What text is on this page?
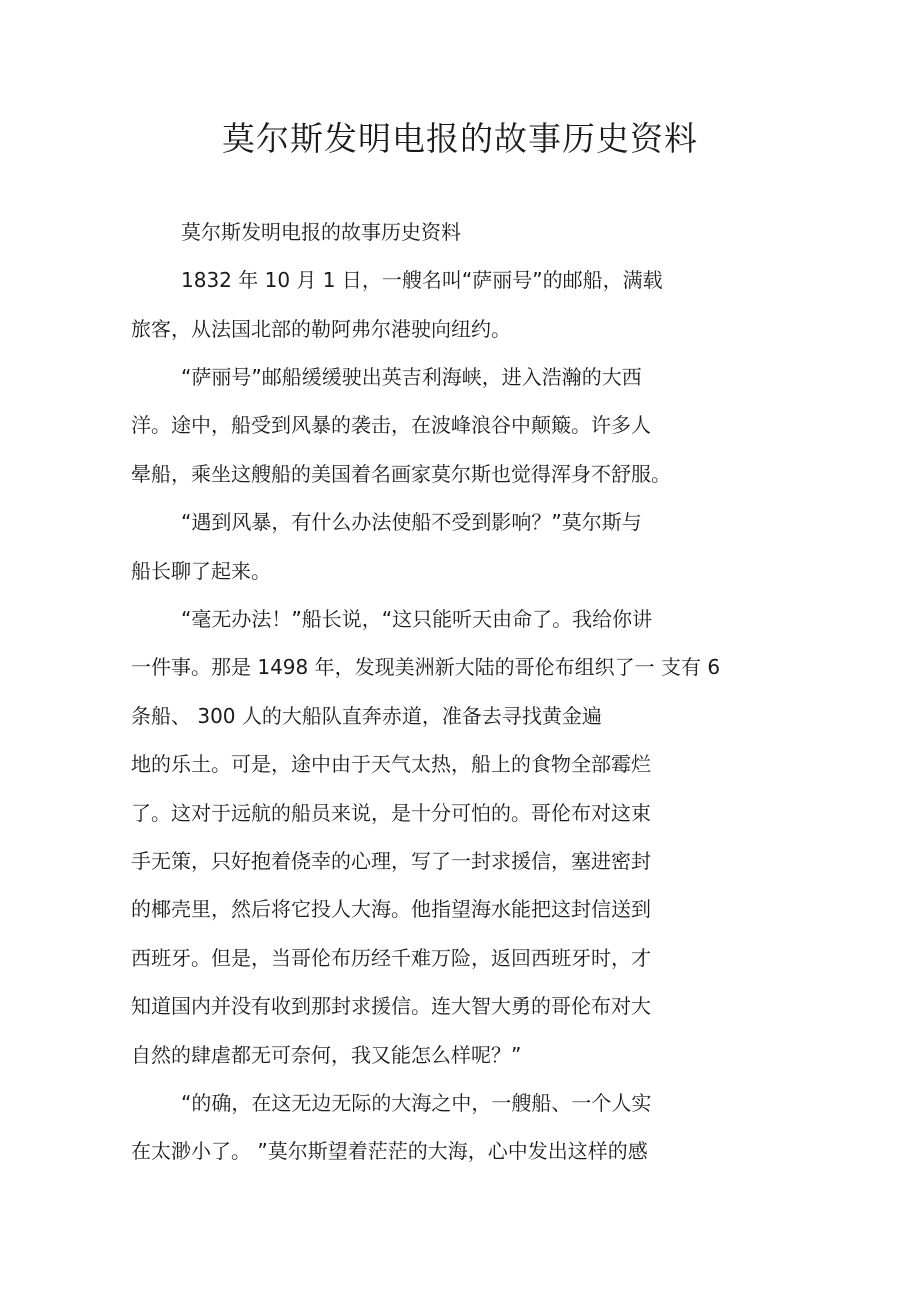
莫尔斯发明电报的故事历史资料

莫尔斯发明电报的故事历史资料

1832 年 10 月 1 日，一艘名叫“萨丽号”的邮船，满载

旅客，从法国北部的勒阿弗尔港驶向纽约。

“萨丽号”邮船缓缓驶出英吉利海峡，进入浩瀚的大西

洋。途中，船受到风暴的袭击，在波峰浪谷中颠簸。许多人

晕船，乘坐这艘船的美国着名画家莫尔斯也觉得浑身不舒服。

“遇到风暴，有什么办法使船不受到影响？”莫尔斯与

船长聊了起来。

“毫无办法！”船长说，“这只能听天由命了。我给你讲

一件事。那是 1498 年，发现美洲新大陆的哥伦布组织了一 支有 6

条船、 300 人的大船队直奔赤道，准备去寻找黄金遍

地的乐土。可是，途中由于天气太热，船上的食物全部霉烂

了。这对于远航的船员来说，是十分可怕的。哥伦布对这束

手无策，只好抱着侥幸的心理，写了一封求援信，塞进密封

的椰壳里，然后将它投人大海。他指望海水能把这封信送到

西班牙。但是，当哥伦布历经千难万险，返回西班牙时，才

知道国内并没有收到那封求援信。连大智大勇的哥伦布对大

自然的肆虐都无可奈何，我又能怎么样呢？”

“的确，在这无边无际的大海之中，一艘船、一个人实

在太渺小了。 ”莫尔斯望着茫茫的大海，心中发出这样的感
